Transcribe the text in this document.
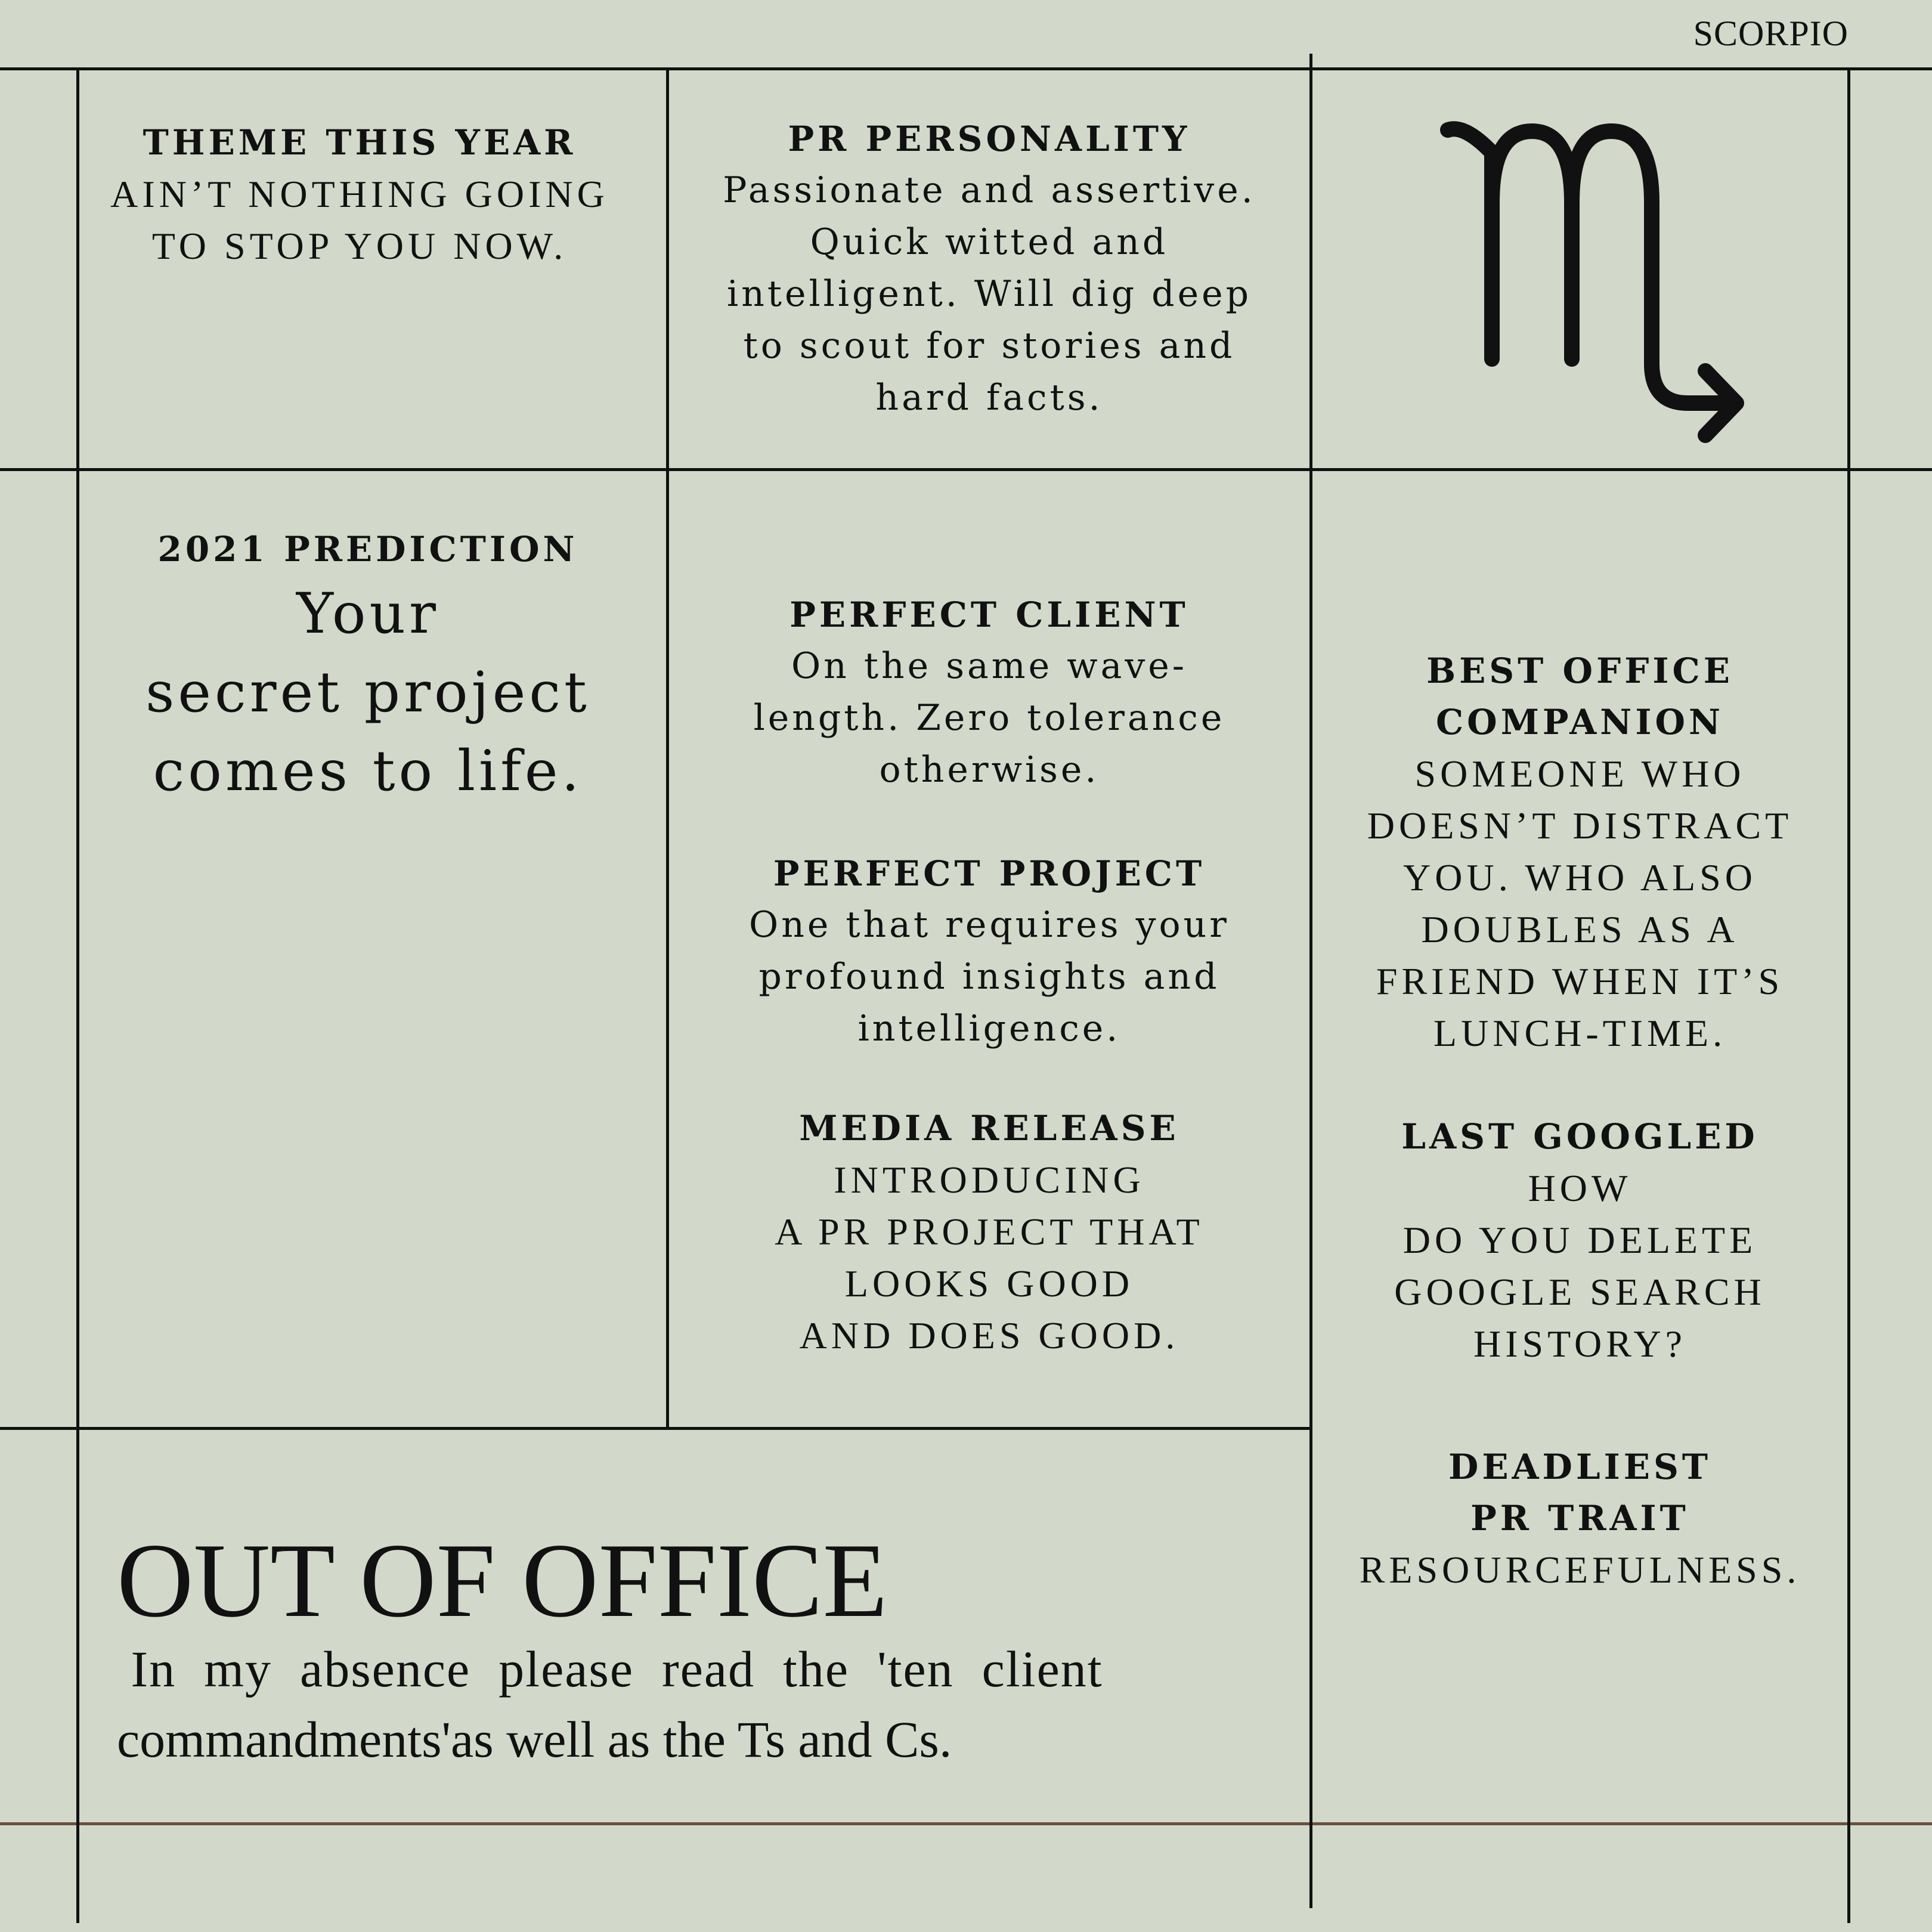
SCORPIO
THEME THIS YEAR
AIN’T NOTHING GOING
TO STOP YOU NOW.
PR PERSONALITY
Passionate and assertive.
Quick witted and
intelligent. Will dig deep
to scout for stories and
hard facts.
2021 PREDICTION
Your
secret project
comes to life.
PERFECT CLIENT
On the same wave-
length. Zero tolerance
otherwise.
PERFECT PROJECT
One that requires your
profound insights and
intelligence.
MEDIA RELEASE
INTRODUCING
A PR PROJECT THAT
LOOKS GOOD
AND DOES GOOD.
BEST OFFICE
COMPANION
SOMEONE WHO
DOESN’T DISTRACT
YOU. WHO ALSO
DOUBLES AS A
FRIEND WHEN IT’S
LUNCH-TIME.
LAST GOOGLED
HOW
DO YOU DELETE
GOOGLE SEARCH
HISTORY?
DEADLIEST
PR TRAIT
RESOURCEFULNESS.
OUT OF OFFICE
In  my  absence  please  read  the  'ten  client
commandments'as well as the Ts and Cs.
